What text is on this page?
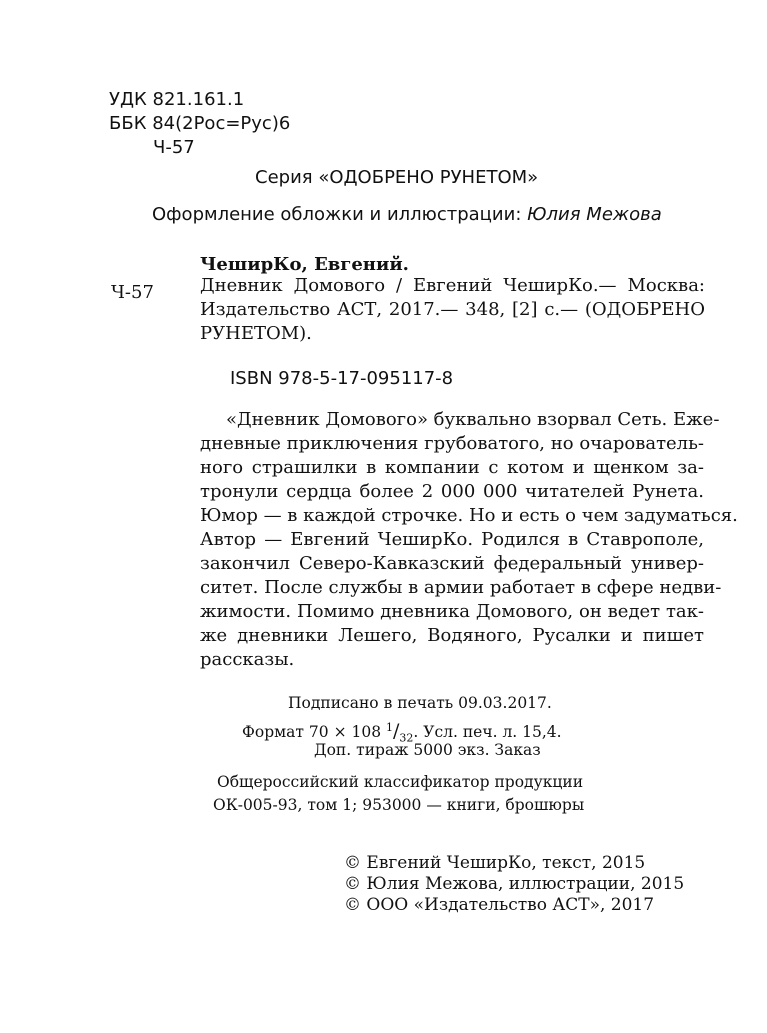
УДК 821.161.1
ББК 84(2Рос=Рус)6
Ч-57
Серия «ОДОБРЕНО РУНЕТОМ»
Оформление обложки и иллюстрации: Юлия Межова
ЧеширКо, Евгений.
Ч-57	Дневник Домового / Евгений ЧеширКо.— Москва:
Издательство АСТ, 2017.— 348, [2] с.— (ОДОБРЕНО
РУНЕТОМ).
ISBN 978-5-17-095117-8
«Дневник Домового» буквально взорвал Сеть. Еже-
дневные приключения грубоватого, но очарователь-
ного страшилки в компании с котом и щенком за-
тронули сердца более 2 000 000 читателей Рунета.
Юмор — в каждой строчке. Но и есть о чем задуматься.
Автор — Евгений ЧеширКо. Родился в Ставрополе,
закончил Северо-Кавказский федеральный универ-
ситет. После службы в армии работает в сфере недви-
жимости. Помимо дневника Домового, он ведет так-
же дневники Лешего, Водяного, Русалки и пишет
рассказы.
Подписано в печать 09.03.2017.
Формат 70 × 108 $^1/_{32}$. Усл. печ. л. 15,4.
Доп. тираж 5000 экз. Заказ
Общероссийский классификатор продукции
ОК-005-93, том 1; 953000 — книги, брошюры
© Евгений ЧеширКо, текст, 2015
© Юлия Межова, иллюстрации, 2015
© ООО «Издательство АСТ», 2017
